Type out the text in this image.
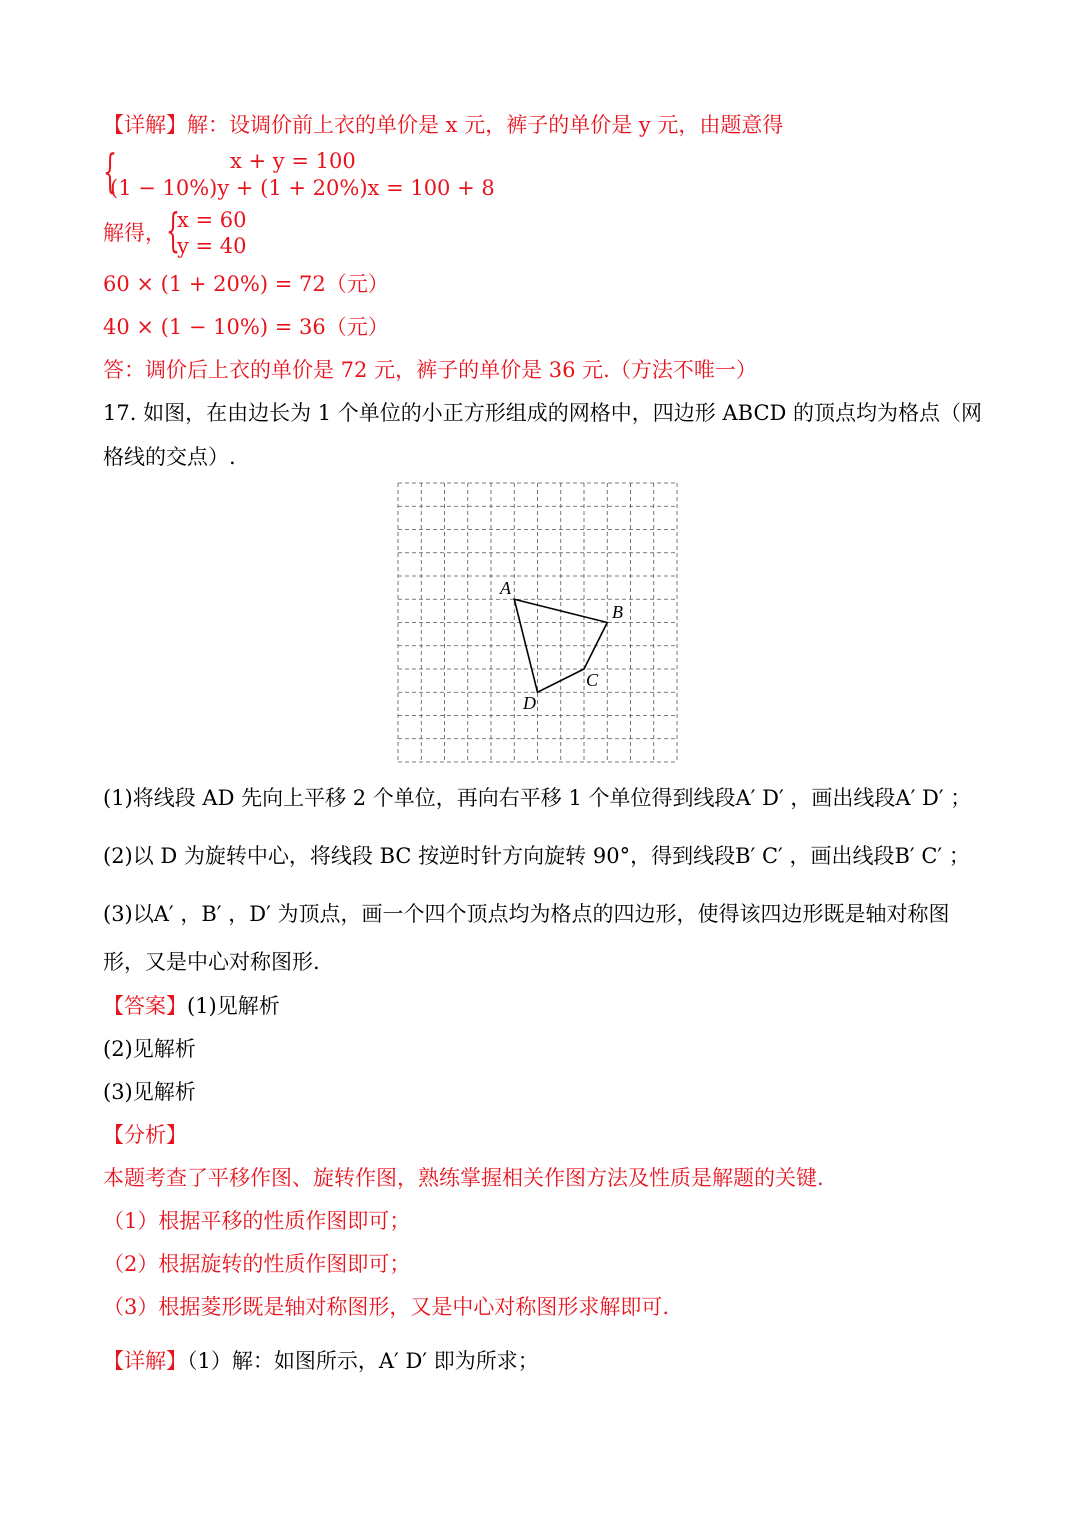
【详解】解：设调价前上衣的单价是 x 元，裤子的单价是 y 元，由题意得
{	x + y = 100
(1 − 10%)y + (1 + 20%)x = 100 + 8
解得， {
x = 60
y = 40
60 × (1 + 20%) = 72（元）
40 × (1 − 10%) = 36（元）
答：调价后上衣的单价是 72 元，裤子的单价是 36 元.（方法不唯一）
17. 如图，在由边长为 1 个单位的小正方形组成的网格中，四边形 ABCD 的顶点均为格点（网
格线的交点）.
A
B
C
D
(1)将线段 AD 先向上平移 2 个单位，再向右平移 1 个单位得到线段A′ D′ ，画出线段A′ D′ ；
(2)以 D 为旋转中心，将线段 BC 按逆时针方向旋转 90°，得到线段B′ C′ ，画出线段B′ C′ ；
(3)以A′ ，B′ ，D′ 为顶点，画一个四个顶点均为格点的四边形，使得该四边形既是轴对称图
形，又是中心对称图形.
【答案】(1)见解析
(2)见解析
(3)见解析
【分析】
本题考查了平移作图、旋转作图，熟练掌握相关作图方法及性质是解题的关键.
（1）根据平移的性质作图即可；
（2）根据旋转的性质作图即可；
（3）根据菱形既是轴对称图形，又是中心对称图形求解即可.
【详解】（1）解：如图所示，A′ D′ 即为所求；
